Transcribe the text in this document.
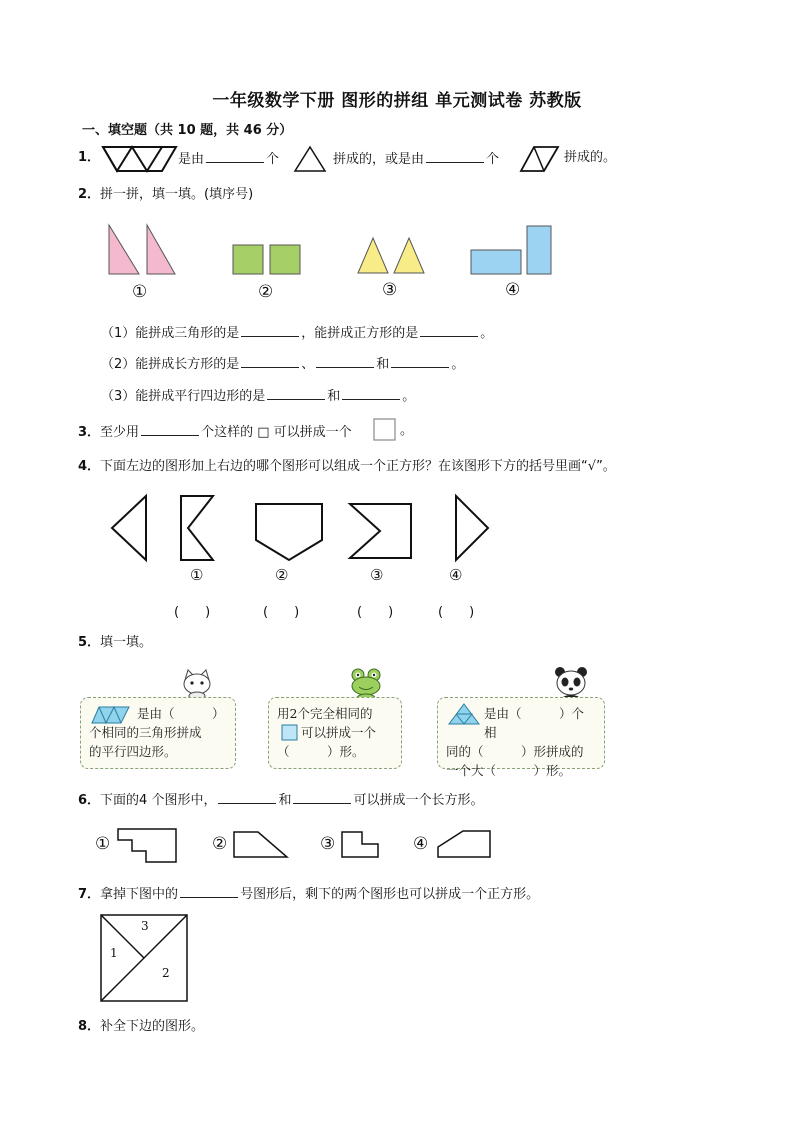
一年级数学下册 图形的拼组 单元测试卷 苏教版
一、填空题（共 10 题，共 46 分）
1．	是由	个	拼成的，或是由	个	拼成的。
2．拼一拼，填一填。(填序号)
①	②	③	④
（1）能拼成三角形的是	，能拼成正方形的是	。
（2）能拼成长方形的是	、	和	。
（3）能拼成平行四边形的是	和	。
3．至少用	个这样的 □ 可以拼成一个	。
4．下面左边的图形加上右边的哪个图形可以组成一个正方形？在该图形下方的括号里画“√”。
①	②	③	④
(　　)	(　　)	(　　)	(　　)
5．填一填。
是由（　　　）
个相同的三角形拼成
的平行四边形。
用2个完全相同的
可以拼成一个
（　　　）形。
是由（　　　）个相
同的（　　　）形拼成的
一个大（　　　）形。
6．下面的4 个图形中，	和	可以拼成一个长方形。
①	②	③	④
7．拿掉下图中的	号图形后，剩下的两个图形也可以拼成一个正方形。
1
2
3
8．补全下边的图形。
